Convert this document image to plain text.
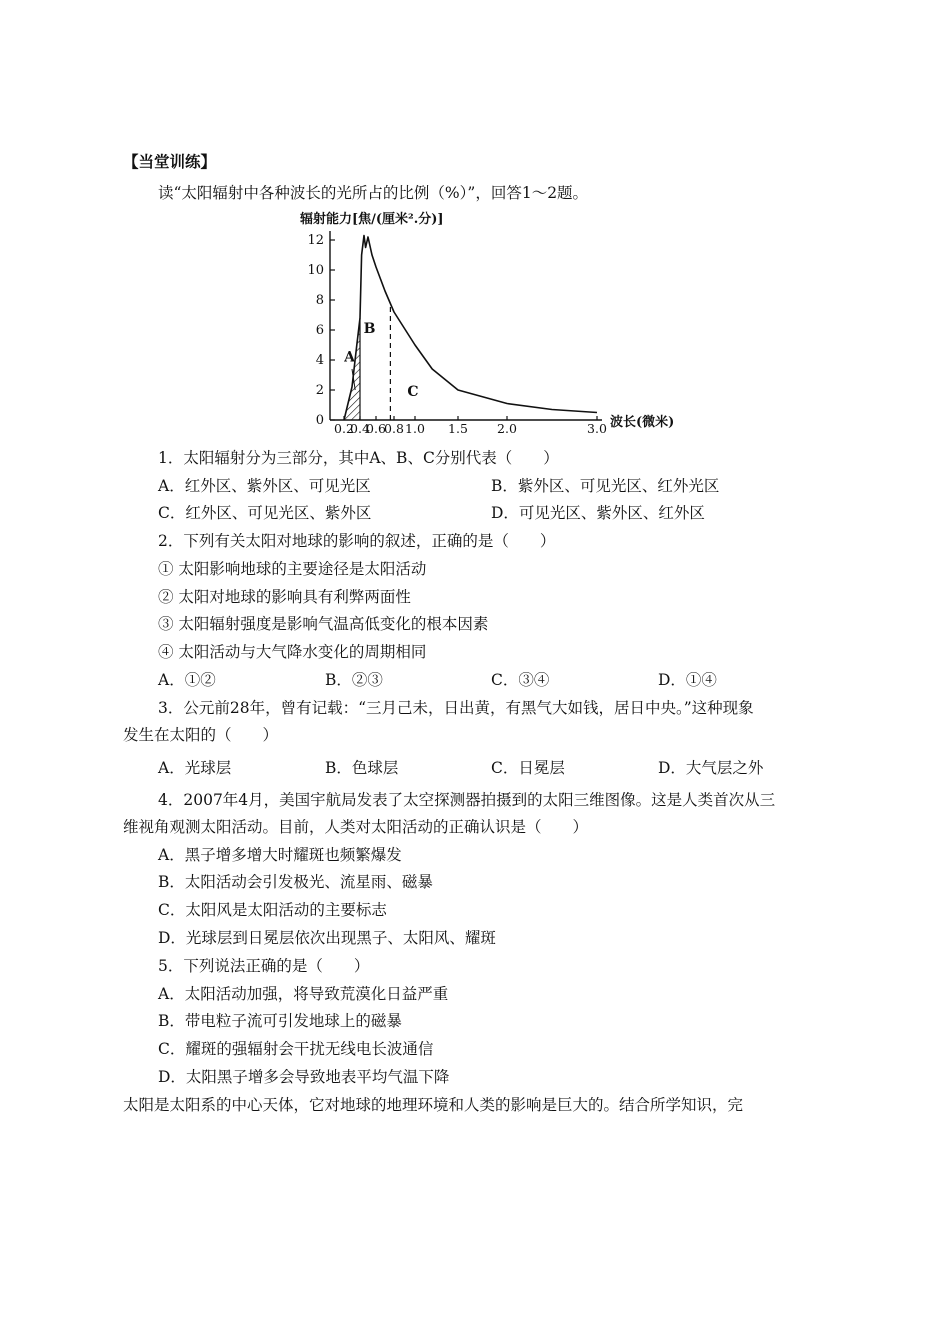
【当堂训练】
读“太阳辐射中各种波长的光所占的比例（%）”，回答1～2题。
辐射能力[焦/(厘米².分)]
波长(微米)
0
2
4
6
8
10
12
0.2
0.4
0.6
0.8 1.0 1.5 2.0	3.0
A
B
C
1．太阳辐射分为三部分，其中A、B、C分别代表（　　）
A．红外区、紫外区、可见光区	B．紫外区、可见光区、红外光区
C．红外区、可见光区、紫外区	D．可见光区、紫外区、红外区
2．下列有关太阳对地球的影响的叙述，正确的是（　　）
① 太阳影响地球的主要途径是太阳活动
② 太阳对地球的影响具有利弊两面性
③ 太阳辐射强度是影响气温高低变化的根本因素
④ 太阳活动与大气降水变化的周期相同
A．①②	B．②③	C．③④	D．①④
3．公元前28年，曾有记载：“三月己未，日出黄，有黑气大如钱，居日中央。”这种现象
发生在太阳的（　　）
A．光球层	B．色球层	C．日冕层	D．大气层之外
4．2007年4月，美国宇航局发表了太空探测器拍摄到的太阳三维图像。这是人类首次从三
维视角观测太阳活动。目前，人类对太阳活动的正确认识是（　　）
A．黑子增多增大时耀斑也频繁爆发
B．太阳活动会引发极光、流星雨、磁暴
C．太阳风是太阳活动的主要标志
D．光球层到日冕层依次出现黑子、太阳风、耀斑
5．下列说法正确的是（　　）
A．太阳活动加强，将导致荒漠化日益严重
B．带电粒子流可引发地球上的磁暴
C．耀斑的强辐射会干扰无线电长波通信
D．太阳黑子增多会导致地表平均气温下降
太阳是太阳系的中心天体，它对地球的地理环境和人类的影响是巨大的。结合所学知识，完
